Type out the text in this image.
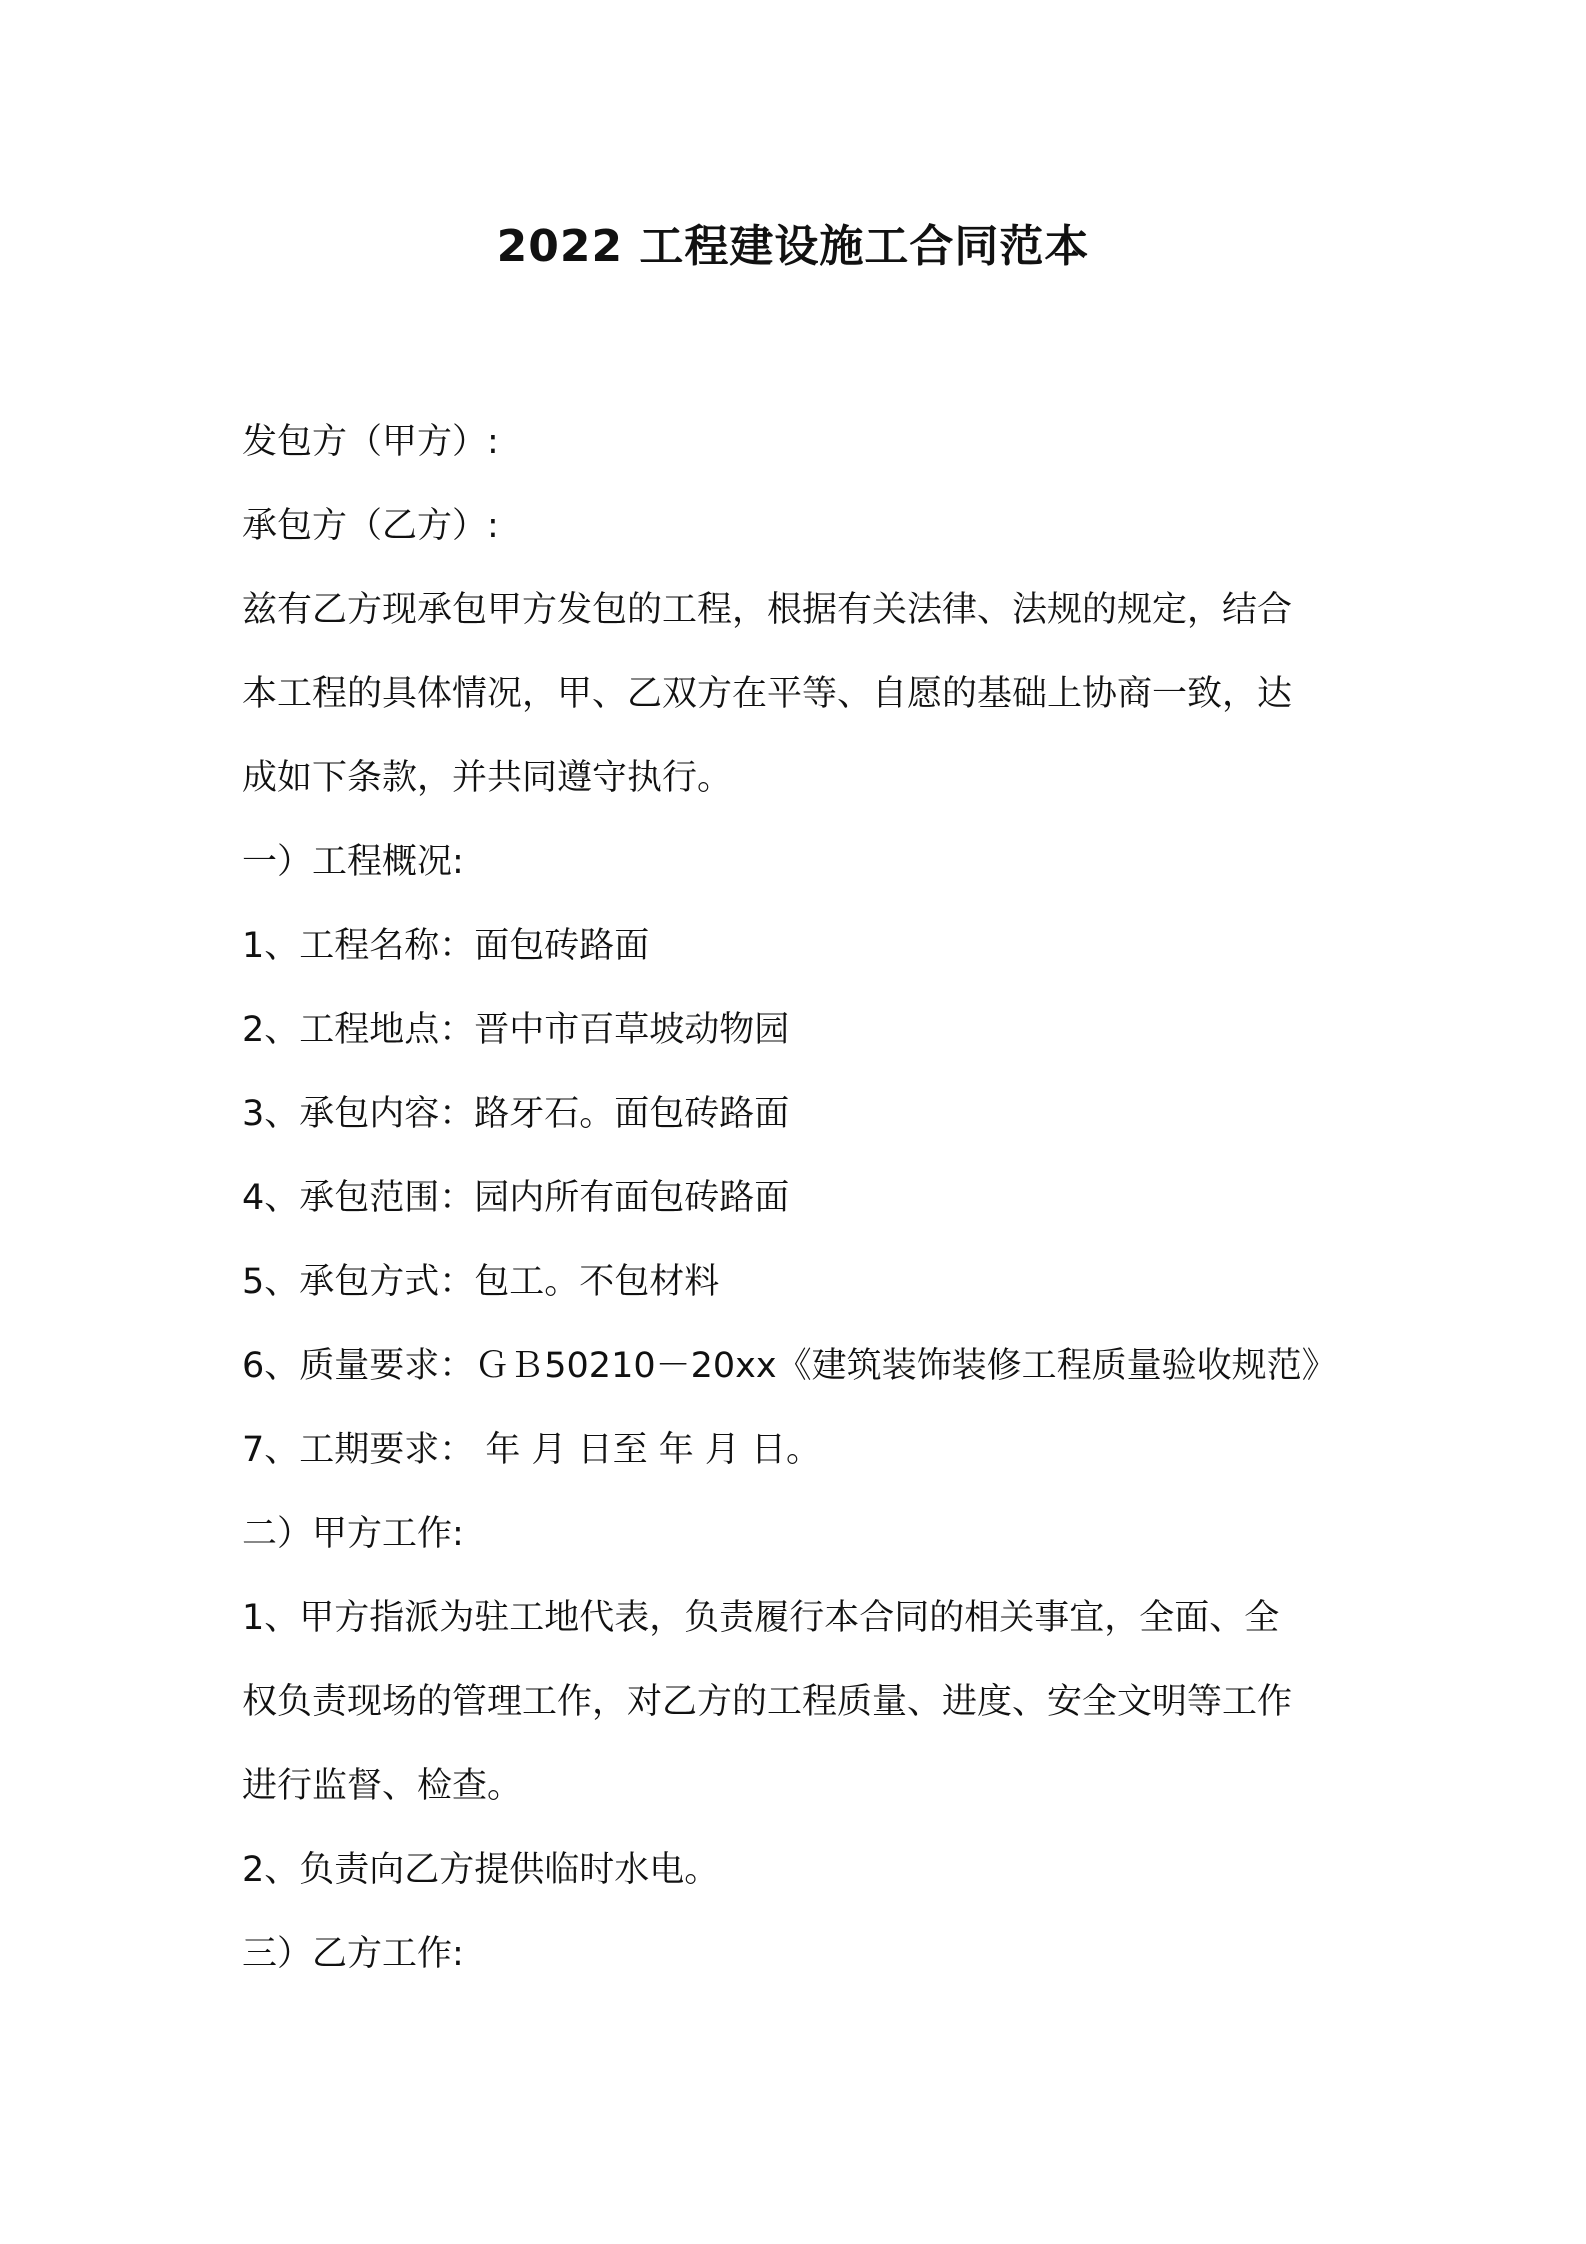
2022 工程建设施工合同范本

发包方（甲方）:

承包方（乙方）:

兹有乙方现承包甲方发包的工程，根据有关法律、法规的规定，结合

本工程的具体情况，甲、乙双方在平等、自愿的基础上协商一致，达

成如下条款，并共同遵守执行。

一）工程概况:

1、工程名称：面包砖路面

2、工程地点：晋中市百草坡动物园

3、承包内容：路牙石。面包砖路面

4、承包范围：园内所有面包砖路面

5、承包方式：包工。不包材料

6、质量要求：ＧＢ50210－20xx《建筑装饰装修工程质量验收规范》

7、工期要求： 年 月 日至 年 月 日。

二）甲方工作:

1、甲方指派为驻工地代表，负责履行本合同的相关事宜，全面、全

权负责现场的管理工作，对乙方的工程质量、进度、安全文明等工作

进行监督、检查。

2、负责向乙方提供临时水电。

三）乙方工作:
